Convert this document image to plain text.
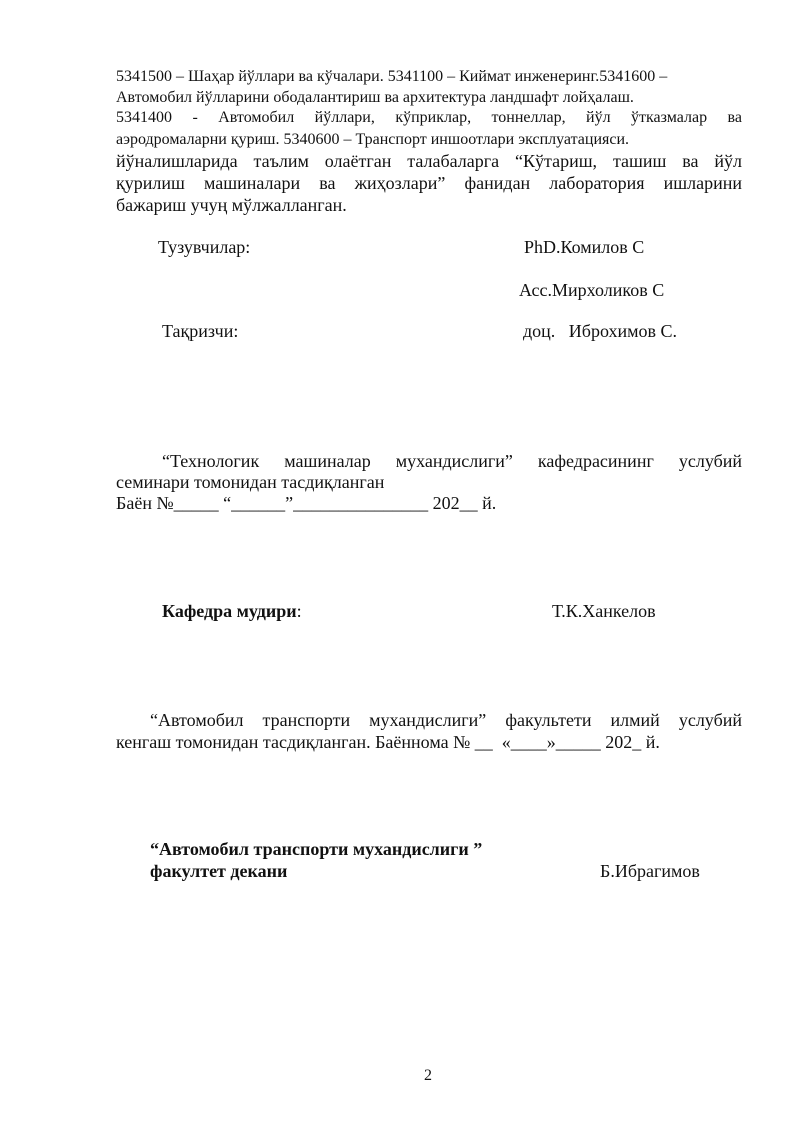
5341500 – Шаҳар йўллари ва кўчалари. 5341100 – Киймат инженеринг.5341600 –
Автомобил йўлларини ободалантириш ва архитектура ландшафт лойҳалаш.
5341400 - Автомобил йўллари, кўприклар, тоннеллар, йўл ўтказмалар ва
аэродромаларни қуриш. 5340600 – Транспорт иншоотлари эксплуатацияси.
йўналишларида таълим олаётган талабаларга “Кўтариш, ташиш ва йўл
қурилиш машиналари ва жиҳозлари” фанидан лаборатория ишларини
бажариш учуң мўлжалланган.
Тузувчилар:	PhD.Комилов С
Асс.Мирхоликов С
Тақризчи:	доц.   Иброхимов С.
“Технологик машиналар мухандислиги” кафедрасининг услубий
семинари томонидан тасдиқланган
Баён №_____ “______”_______________ 202__ й.
Кафедра мудири:	Т.К.Ханкелов
“Автомобил транспорти мухандислиги” факультети илмий услубий
кенгаш томонидан тасдиқланган. Баённома № __  «____»_____ 202_ й.
“Автомобил транспорти мухандислиги ”
факултет декани	Б.Ибрагимов
2
